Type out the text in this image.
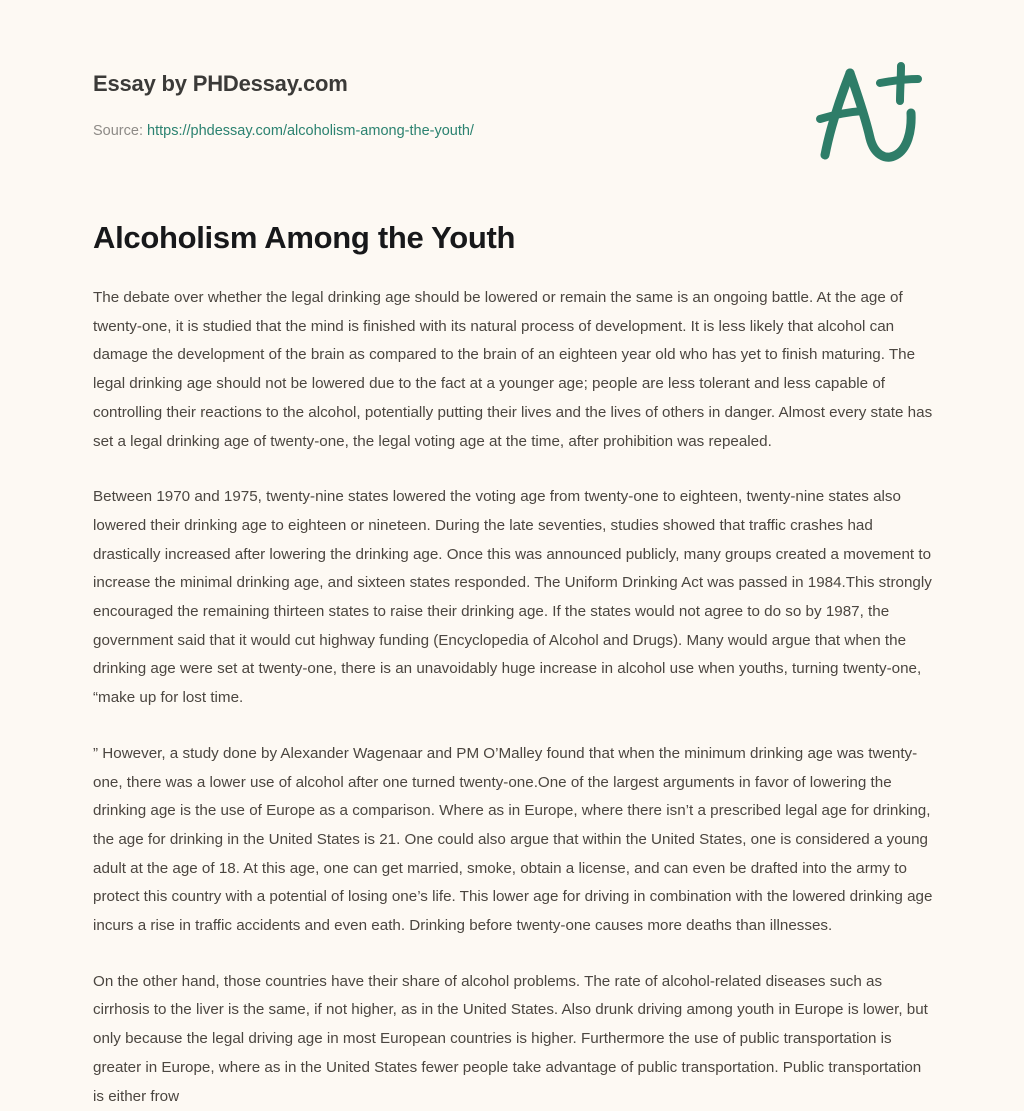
Essay by PHDessay.com
Source: https://phdessay.com/alcoholism-among-the-youth/
Alcoholism Among the Youth

The debate over whether the legal drinking age should be lowered or remain the same is an ongoing battle. At the age of twenty-one, it is studied that the mind is finished with its natural process of development. It is less likely that alcohol can damage the development of the brain as compared to the brain of an eighteen year old who has yet to finish maturing. The legal drinking age should not be lowered due to the fact at a younger age; people are less tolerant and less capable of controlling their reactions to the alcohol, potentially putting their lives and the lives of others in danger. Almost every state has set a legal drinking age of twenty-one, the legal voting age at the time, after prohibition was repealed.

Between 1970 and 1975, twenty-nine states lowered the voting age from twenty-one to eighteen, twenty-nine states also lowered their drinking age to eighteen or nineteen. During the late seventies, studies showed that traffic crashes had drastically increased after lowering the drinking age. Once this was announced publicly, many groups created a movement to increase the minimal drinking age, and sixteen states responded. The Uniform Drinking Act was passed in 1984.This strongly encouraged the remaining thirteen states to raise their drinking age. If the states would not agree to do so by 1987, the government said that it would cut highway funding (Encyclopedia of Alcohol and Drugs). Many would argue that when the drinking age were set at twenty-one, there is an unavoidably huge increase in alcohol use when youths, turning twenty-one, “make up for lost time.

” However, a study done by Alexander Wagenaar and PM O’Malley found that when the minimum drinking age was twenty-one, there was a lower use of alcohol after one turned twenty-one.One of the largest arguments in favor of lowering the drinking age is the use of Europe as a comparison. Where as in Europe, where there isn’t a prescribed legal age for drinking, the age for drinking in the United States is 21. One could also argue that within the United States, one is considered a young adult at the age of 18. At this age, one can get married, smoke, obtain a license, and can even be drafted into the army to protect this country with a potential of losing one’s life. This lower age for driving in combination with the lowered drinking age incurs a rise in traffic accidents and even eath. Drinking before twenty-one causes more deaths than illnesses.

On the other hand, those countries have their share of alcohol problems. The rate of alcohol-related diseases such as cirrhosis to the liver is the same, if not higher, as in the United States. Also drunk driving among youth in Europe is lower, but only because the legal driving age in most European countries is higher. Furthermore the use of public transportation is greater in Europe, where as in the United States fewer people take advantage of public transportation. Public transportation is either frow
